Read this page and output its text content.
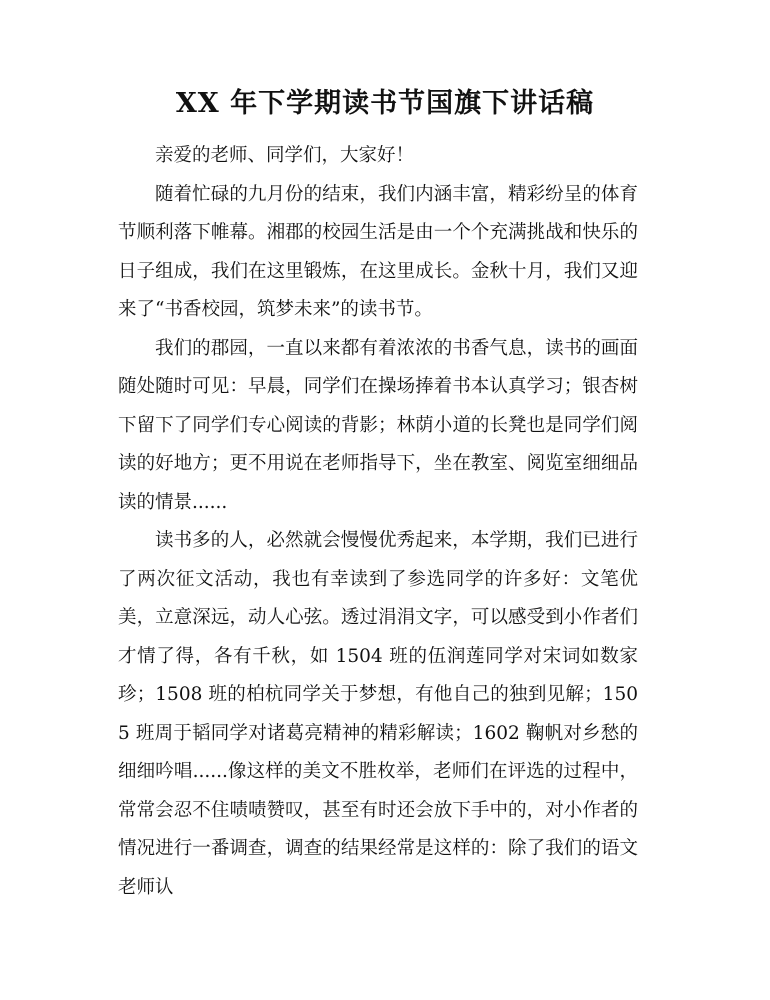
XX 年下学期读书节国旗下讲话稿

亲爱的老师、同学们，大家好！

随着忙碌的九月份的结束，我们内涵丰富，精彩纷呈的体育节顺利落下帷幕。湘郡的校园生活是由一个个充满挑战和快乐的日子组成，我们在这里锻炼，在这里成长。金秋十月，我们又迎来了“书香校园，筑梦未来”的读书节。

我们的郡园，一直以来都有着浓浓的书香气息，读书的画面随处随时可见：早晨，同学们在操场捧着书本认真学习；银杏树下留下了同学们专心阅读的背影；林荫小道的长凳也是同学们阅读的好地方；更不用说在老师指导下，坐在教室、阅览室细细品读的情景......

读书多的人，必然就会慢慢优秀起来，本学期，我们已进行了两次征文活动，我也有幸读到了参选同学的许多好：文笔优美，立意深远，动人心弦。透过涓涓文字，可以感受到小作者们才情了得，各有千秋，如 1504 班的伍润莲同学对宋词如数家珍；1508 班的柏杭同学关于梦想，有他自己的独到见解；1505 班周于韬同学对诸葛亮精神的精彩解读；1602 鞠帆对乡愁的细细吟唱......像这样的美文不胜枚举，老师们在评选的过程中，常常会忍不住啧啧赞叹，甚至有时还会放下手中的，对小作者的情况进行一番调查，调查的结果经常是这样的：除了我们的语文老师认
